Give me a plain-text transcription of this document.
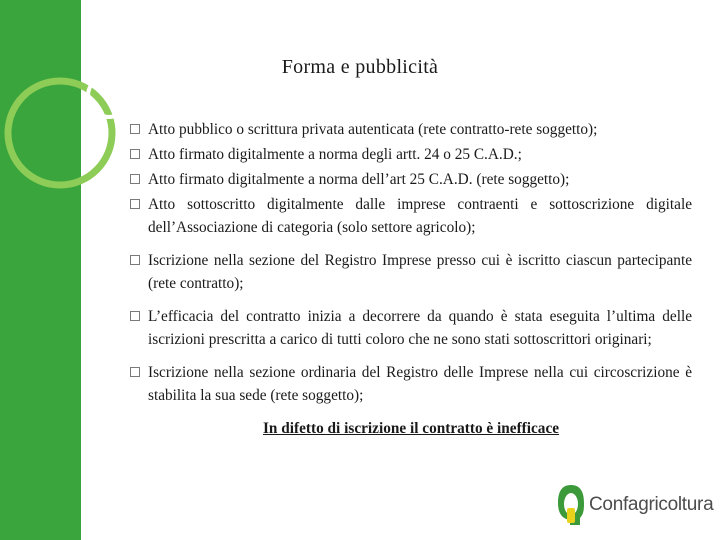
Forma e pubblicità
Atto pubblico o scrittura privata autenticata (rete contratto-rete soggetto);
Atto firmato digitalmente a norma degli artt. 24 o 25 C.A.D.;
Atto firmato digitalmente a norma dell’art 25 C.A.D. (rete soggetto);
Atto sottoscritto digitalmente dalle imprese contraenti e sottoscrizione digitale dell’Associazione di categoria (solo settore agricolo);
Iscrizione nella sezione del Registro Imprese presso cui è iscritto ciascun partecipante (rete contratto);
L’efficacia del contratto inizia a decorrere da quando è stata eseguita l’ultima delle iscrizioni prescritta a carico di tutti coloro che ne sono stati sottoscrittori originari;
Iscrizione nella sezione ordinaria del Registro delle Imprese nella cui circoscrizione è stabilita la sua sede (rete soggetto);
In difetto di iscrizione il contratto è inefficace
Confagricoltura
